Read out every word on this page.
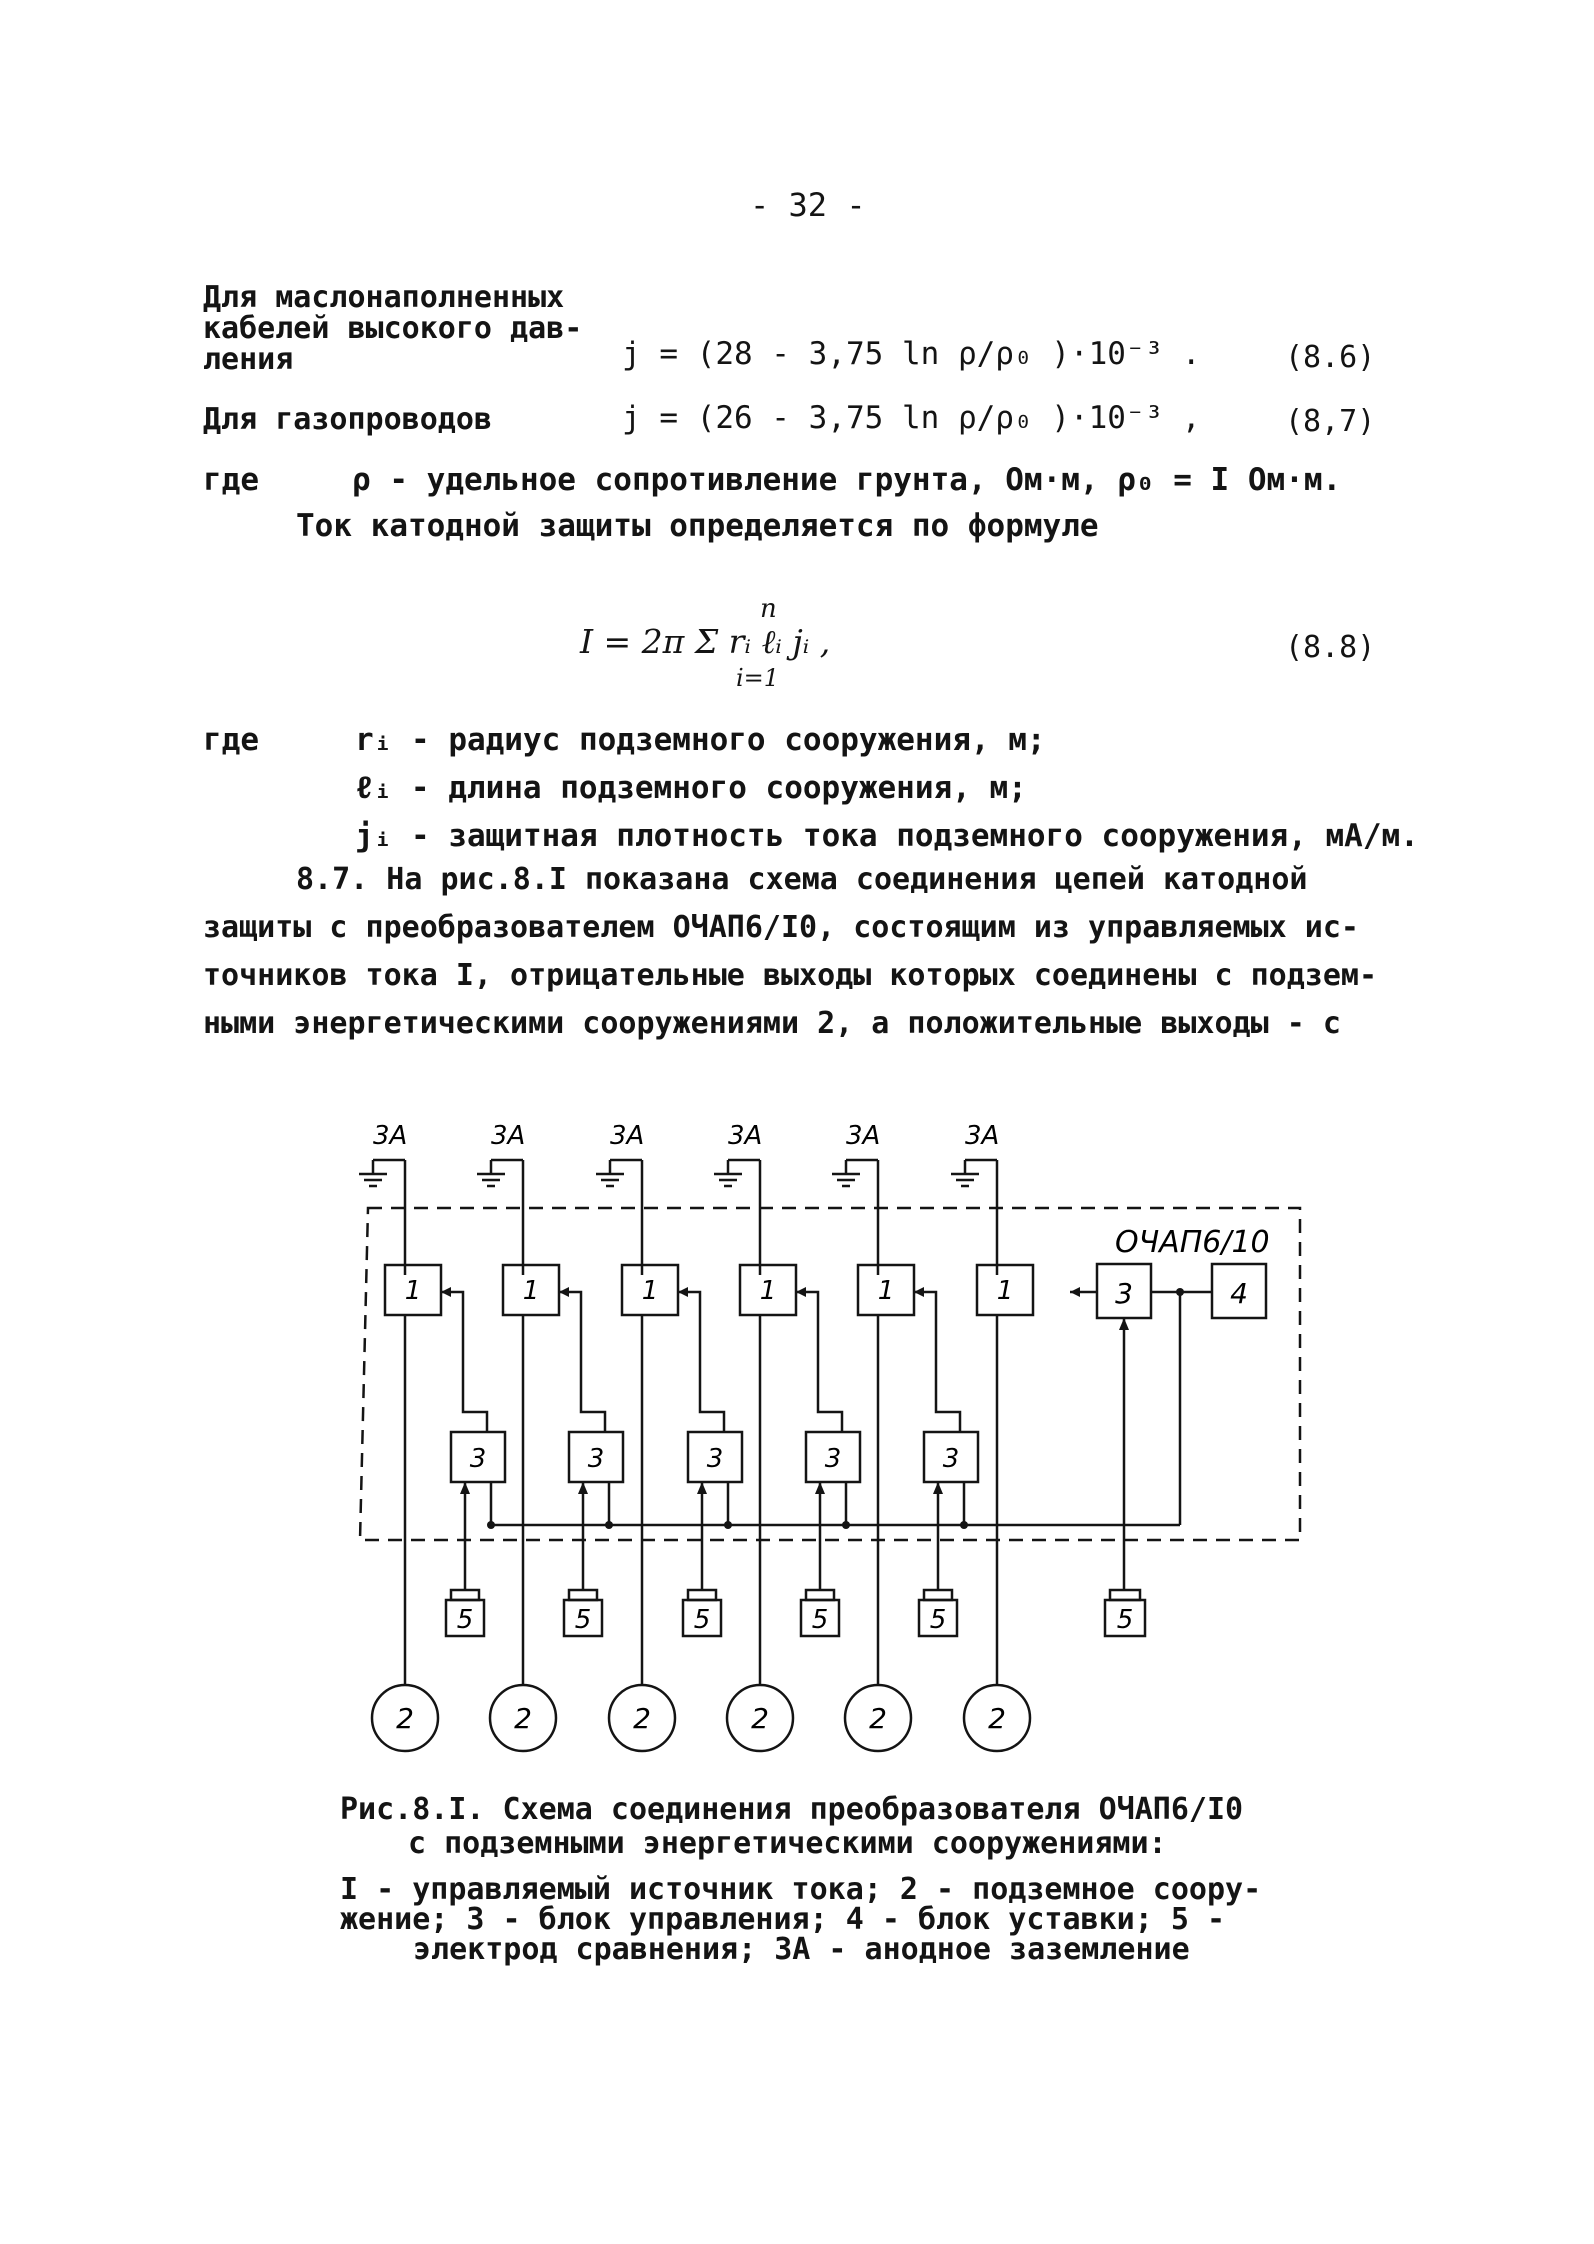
- 32 -
Для маслонаполненных
кабелей высокого дав-
ления	j = (28 - 3,75 ln ρ/ρ₀ )·10⁻³ .	(8.6)
Для газопроводов	j = (26 - 3,75 ln ρ/ρ₀ )·10⁻³ ,	(8,7)
где	ρ - удельное сопротивление грунта, Ом·м, ρ₀ = I Ом·м.
Ток катодной защиты определяется по формуле
n
I = 2π Σ rᵢ ℓᵢ jᵢ ,
i=1
(8.8)
где	rᵢ - радиус подземного сооружения, м;
ℓᵢ - длина подземного сооружения, м;
jᵢ - защитная плотность тока подземного сооружения, мА/м.
8.7. На рис.8.I показана схема соединения цепей катодной
защиты с преобразователем ОЧАП6/I0, состоящим из управляемых ис-
точников тока I, отрицательные выходы которых соединены с подзем-
ными энергетическими сооружениями 2, а положительные выходы - с
3A
1
2
3
5
3A
1
2
3
5
3A
1
2
3
5
3A
1
2
3
5
3A
1
2
3
5
3A
1
2
3	4
5
ОЧАП6/10
Рис.8.I. Схема соединения преобразователя ОЧАП6/I0
с подземными энергетическими сооружениями:
I - управляемый источник тока; 2 - подземное соору-
жение; 3 - блок управления; 4 - блок уставки; 5 -
электрод сравнения; 3А - анодное заземление
